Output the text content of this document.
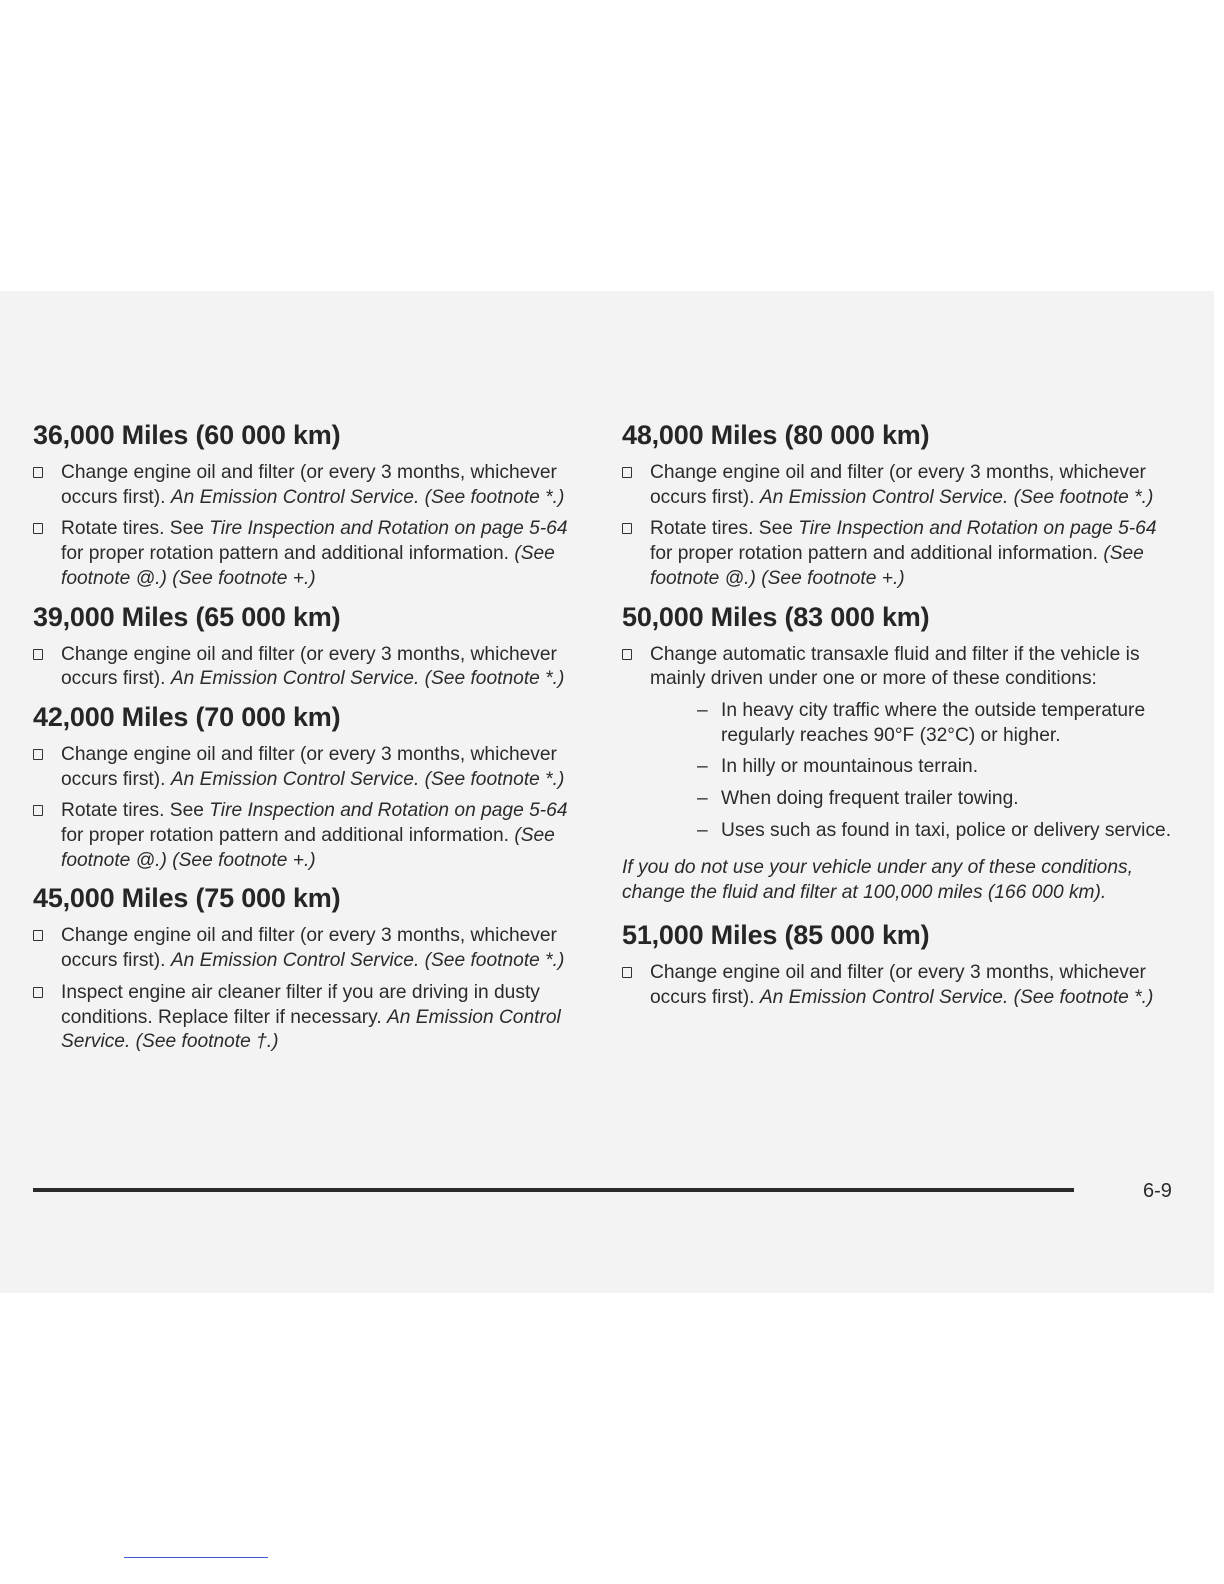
36,000 Miles (60 000 km)
Change engine oil and filter (or every 3 months, whichever occurs first). An Emission Control Service. (See footnote *.)
Rotate tires. See Tire Inspection and Rotation on page 5-64 for proper rotation pattern and additional information. (See footnote @.) (See footnote +.)
39,000 Miles (65 000 km)
Change engine oil and filter (or every 3 months, whichever occurs first). An Emission Control Service. (See footnote *.)
42,000 Miles (70 000 km)
Change engine oil and filter (or every 3 months, whichever occurs first). An Emission Control Service. (See footnote *.)
Rotate tires. See Tire Inspection and Rotation on page 5-64 for proper rotation pattern and additional information. (See footnote @.) (See footnote +.)
45,000 Miles (75 000 km)
Change engine oil and filter (or every 3 months, whichever occurs first). An Emission Control Service. (See footnote *.)
Inspect engine air cleaner filter if you are driving in dusty conditions. Replace filter if necessary. An Emission Control Service. (See footnote †.)
48,000 Miles (80 000 km)
Change engine oil and filter (or every 3 months, whichever occurs first). An Emission Control Service. (See footnote *.)
Rotate tires. See Tire Inspection and Rotation on page 5-64 for proper rotation pattern and additional information. (See footnote @.) (See footnote +.)
50,000 Miles (83 000 km)
Change automatic transaxle fluid and filter if the vehicle is mainly driven under one or more of these conditions:
– In heavy city traffic where the outside temperature regularly reaches 90°F (32°C) or higher.
– In hilly or mountainous terrain.
– When doing frequent trailer towing.
– Uses such as found in taxi, police or delivery service.
If you do not use your vehicle under any of these conditions, change the fluid and filter at 100,000 miles (166 000 km).
51,000 Miles (85 000 km)
Change engine oil and filter (or every 3 months, whichever occurs first). An Emission Control Service. (See footnote *.)
6-9
